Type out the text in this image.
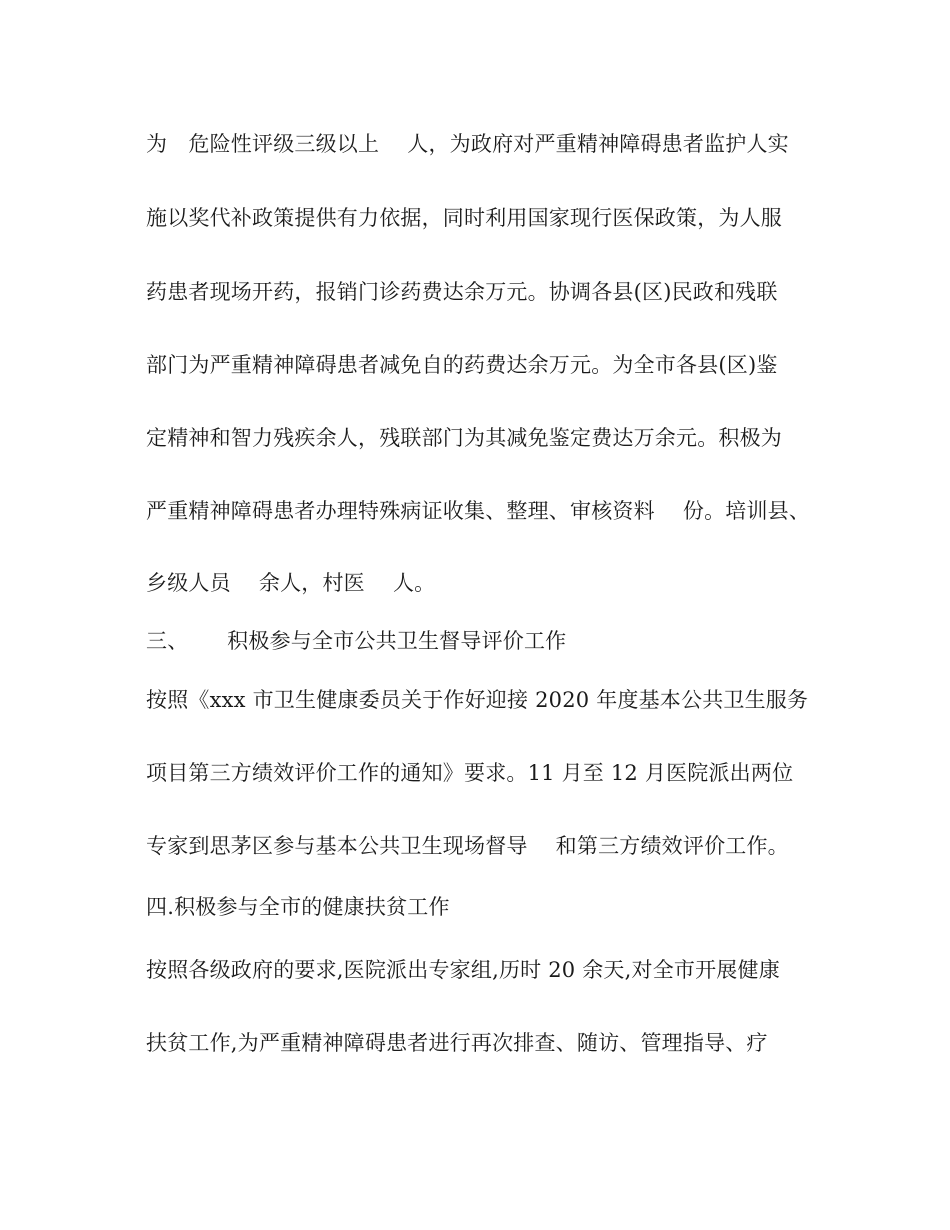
为　危险性评级三级以上　 人，为政府对严重精神障碍患者监护人实
施以奖代补政策提供有力依据，同时利用国家现行医保政策，为人服
药患者现场开药，报销门诊药费达余万元。协调各县(区)民政和残联
部门为严重精神障碍患者减免自的药费达余万元。为全市各县(区)鉴
定精神和智力残疾余人，残联部门为其减免鉴定费达万余元。积极为
严重精神障碍患者办理特殊病证收集、整理、审核资料　 份。培训县、
乡级人员　 余人，村医　 人。
三、　　 积极参与全市公共卫生督导评价工作
按照《xxx 市卫生健康委员关于作好迎接 2020 年度基本公共卫生服务
项目第三方绩效评价工作的通知》要求。11 月至 12 月医院派出两位
专家到思茅区参与基本公共卫生现场督导　 和第三方绩效评价工作。
四.积极参与全市的健康扶贫工作
按照各级政府的要求,医院派出专家组,历时 20 余天,对全市开展健康
扶贫工作,为严重精神障碍患者进行再次排查、随访、管理指导、疗
